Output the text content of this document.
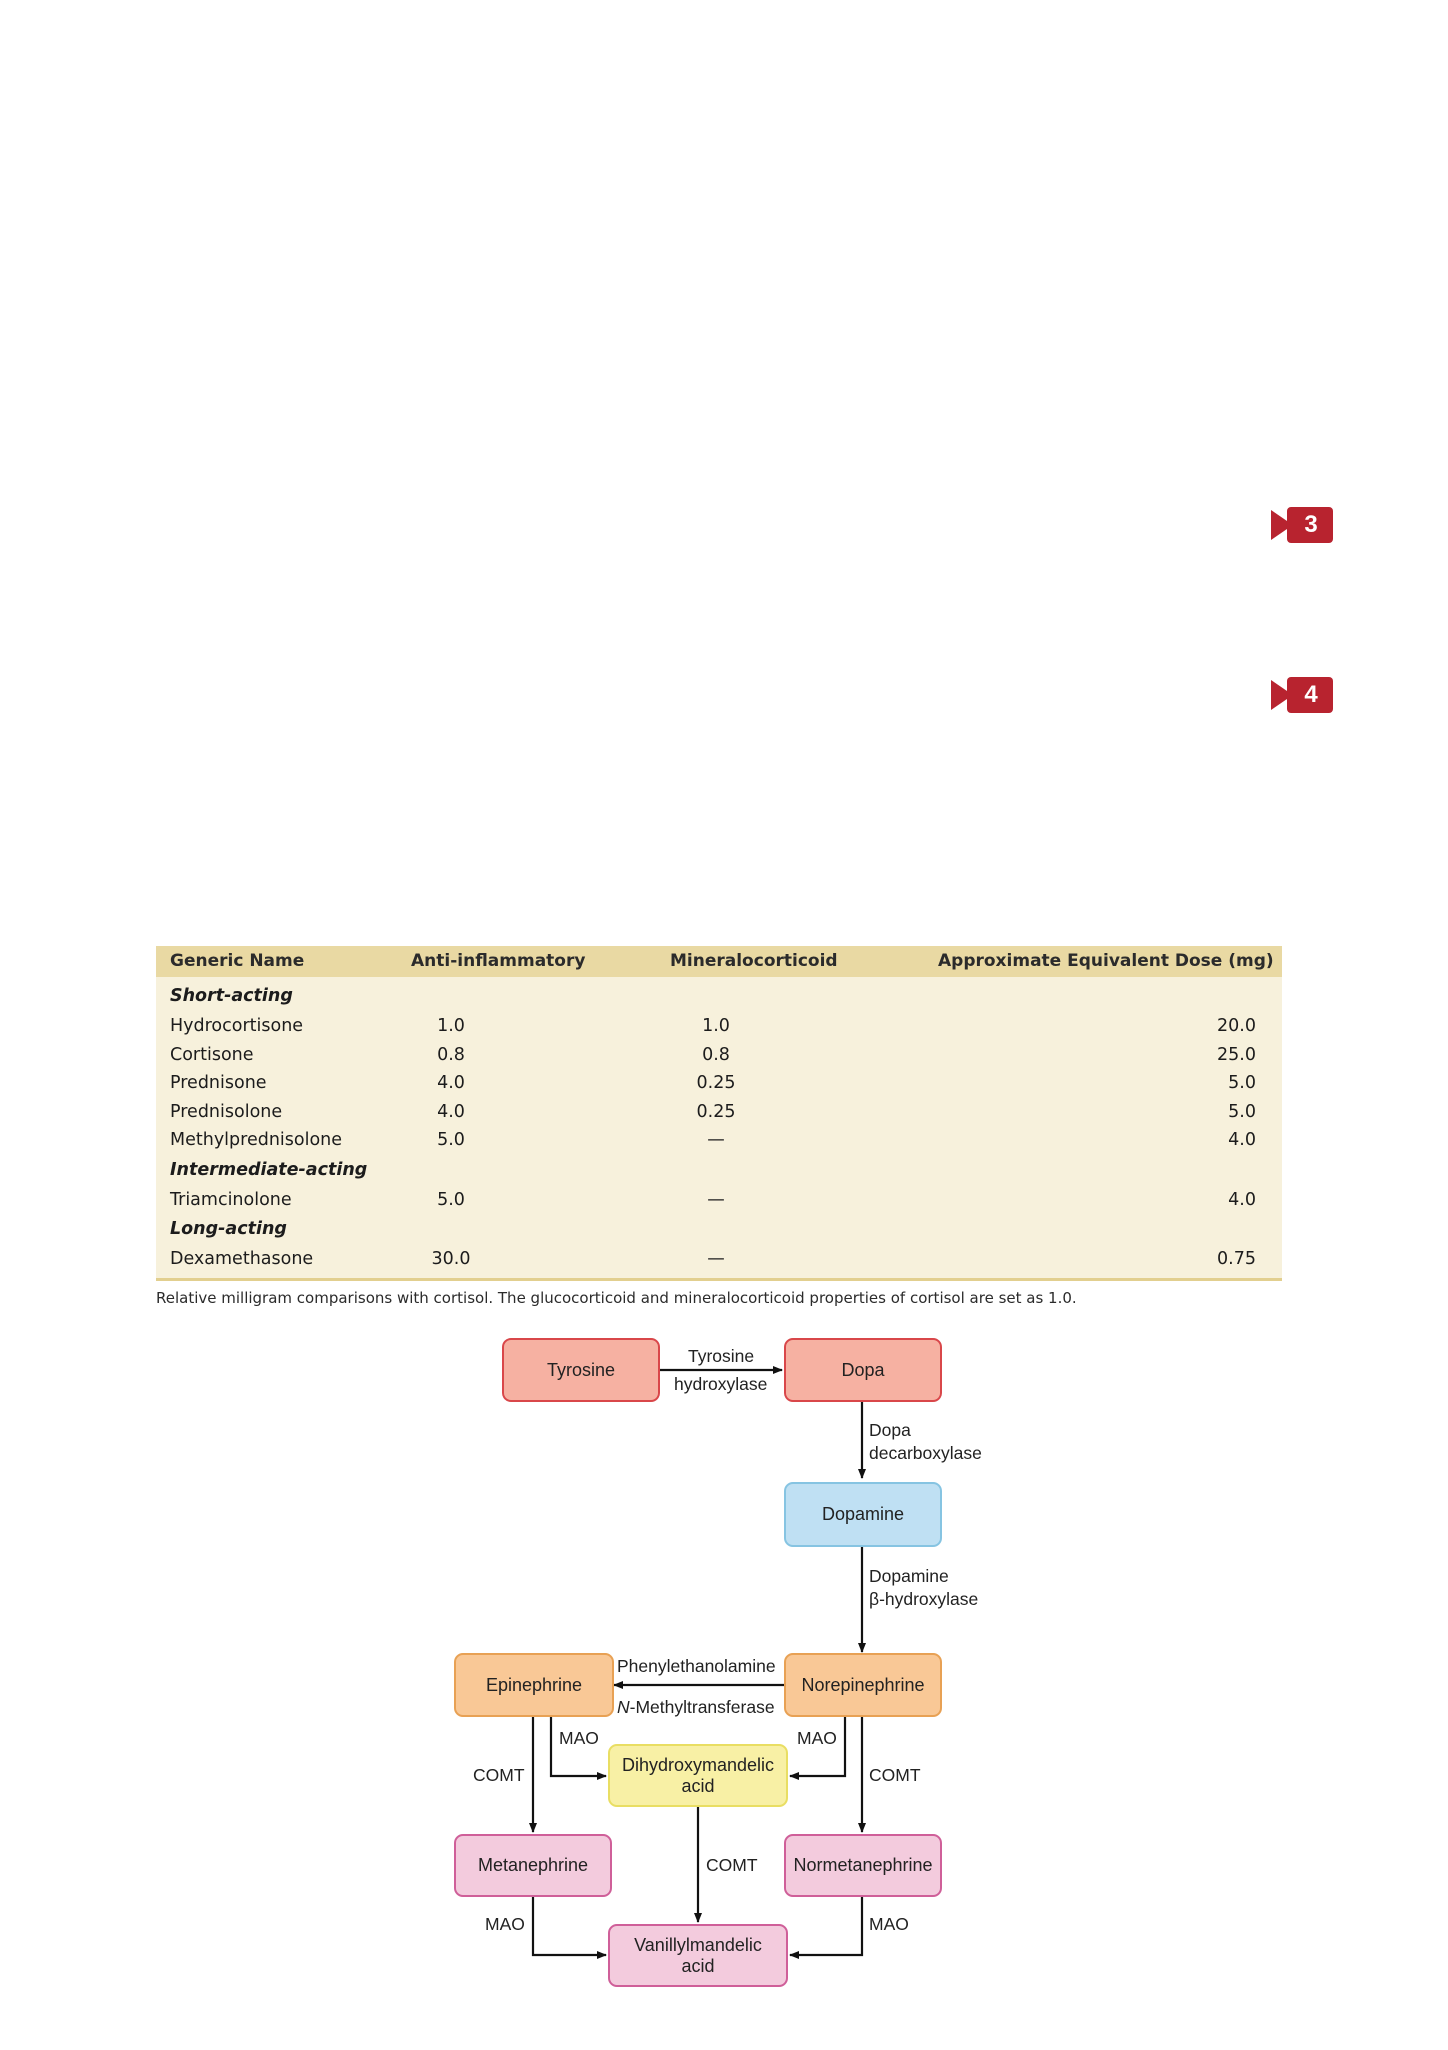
3
4
Generic Name	Anti-inflammatory	Mineralocorticoid	Approximate Equivalent Dose (mg)
Short-acting
Hydrocortisone	1.0	1.0	20.0
Cortisone	0.8	0.8	25.0
Prednisone	4.0	0.25	5.0
Prednisolone	4.0	0.25	5.0
Methylprednisolone	5.0	—	4.0
Intermediate-acting
Triamcinolone	5.0	—	4.0
Long-acting
Dexamethasone	30.0	—	0.75
Relative milligram comparisons with cortisol. The glucocorticoid and mineralocorticoid properties of cortisol are set as 1.0.
Tyrosine	Dopa
Dopamine
Epinephrine	Norepinephrine
Dihydroxymandelic
acid
Metanephrine	Normetanephrine
Vanillylmandelic
acid
Tyrosine
hydroxylase
Dopa
decarboxylase
Dopamine
β-hydroxylase
Phenylethanolamine
N-Methyltransferase
MAO	MAO
COMT	COMT
COMT
MAO	MAO
